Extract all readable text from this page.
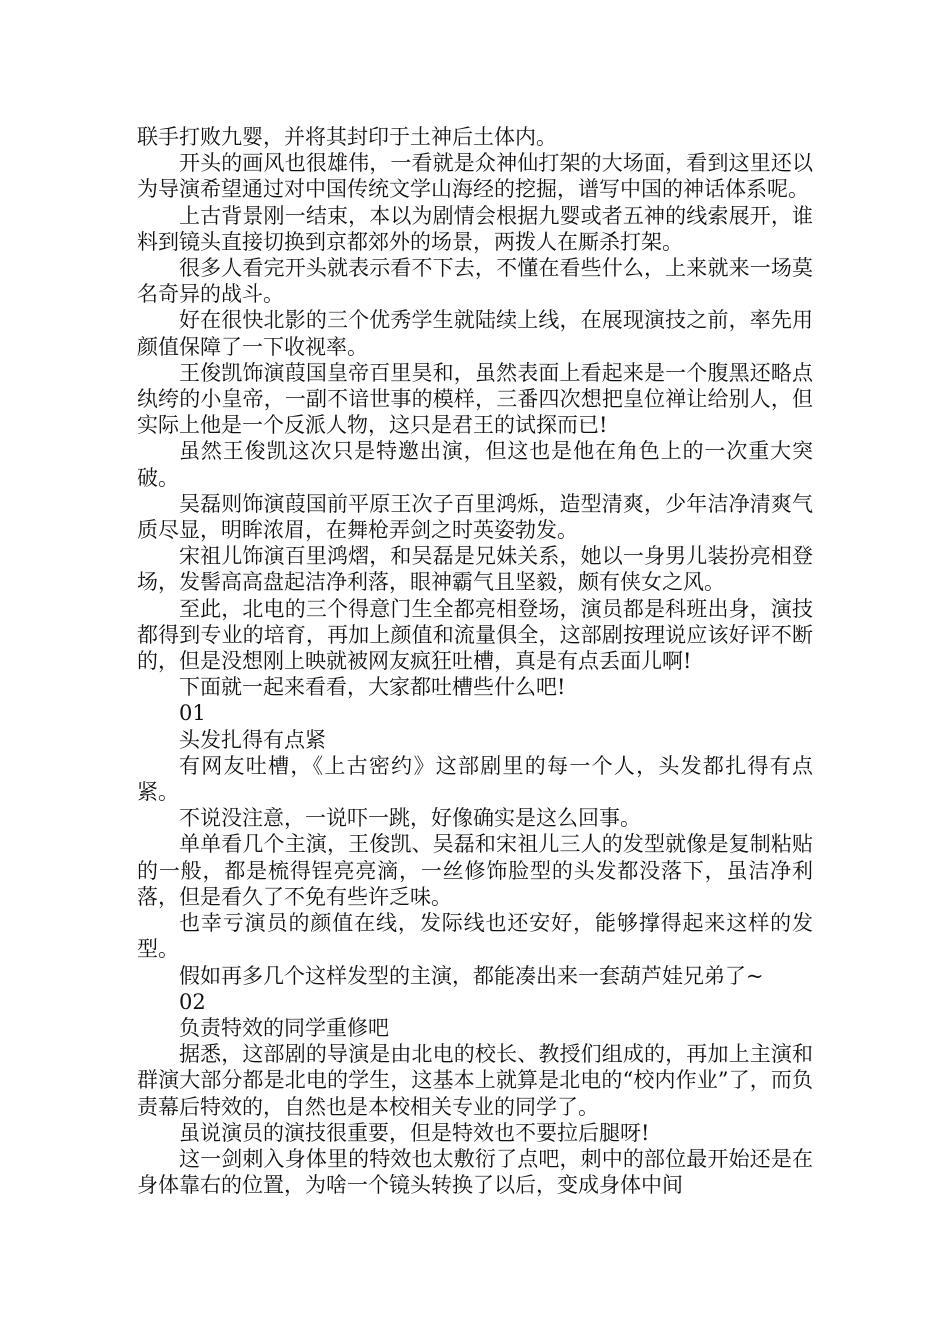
联手打败九婴，并将其封印于土神后土体内。

开头的画风也很雄伟，一看就是众神仙打架的大场面，看到这里还以为导演希望通过对中国传统文学山海经的挖掘，谱写中国的神话体系呢。

上古背景刚一结束，本以为剧情会根据九婴或者五神的线索展开，谁料到镜头直接切换到京都郊外的场景，两拨人在厮杀打架。

很多人看完开头就表示看不下去，不懂在看些什么，上来就来一场莫名奇异的战斗。

好在很快北影的三个优秀学生就陆续上线，在展现演技之前，率先用颜值保障了一下收视率。

王俊凯饰演葭国皇帝百里昊和，虽然表面上看起来是一个腹黑还略点纨绔的小皇帝，一副不谙世事的模样，三番四次想把皇位禅让给别人，但实际上他是一个反派人物，这只是君王的试探而已!

虽然王俊凯这次只是特邀出演，但这也是他在角色上的一次重大突破。

吴磊则饰演葭国前平原王次子百里鸿烁，造型清爽，少年洁净清爽气质尽显，明眸浓眉，在舞枪弄剑之时英姿勃发。

宋祖儿饰演百里鸿熠，和吴磊是兄妹关系，她以一身男儿装扮亮相登场，发髻高高盘起洁净利落，眼神霸气且坚毅，颇有侠女之风。

至此，北电的三个得意门生全都亮相登场，演员都是科班出身，演技都得到专业的培育，再加上颜值和流量俱全，这部剧按理说应该好评不断的，但是没想刚上映就被网友疯狂吐槽，真是有点丢面儿啊!

下面就一起来看看，大家都吐槽些什么吧!

01

头发扎得有点紧

有网友吐槽，《上古密约》这部剧里的每一个人，头发都扎得有点紧。

不说没注意，一说吓一跳，好像确实是这么回事。

单单看几个主演，王俊凯、吴磊和宋祖儿三人的发型就像是复制粘贴的一般，都是梳得锃亮亮滴，一丝修饰脸型的头发都没落下，虽洁净利落，但是看久了不免有些许乏味。

也幸亏演员的颜值在线，发际线也还安好，能够撑得起来这样的发型。

假如再多几个这样发型的主演，都能凑出来一套葫芦娃兄弟了~

02

负责特效的同学重修吧

据悉，这部剧的导演是由北电的校长、教授们组成的，再加上主演和群演大部分都是北电的学生，这基本上就算是北电的“校内作业”了，而负责幕后特效的，自然也是本校相关专业的同学了。

虽说演员的演技很重要，但是特效也不要拉后腿呀!

这一剑刺入身体里的特效也太敷衍了点吧，刺中的部位最开始还是在身体靠右的位置，为啥一个镜头转换了以后，变成身体中间
